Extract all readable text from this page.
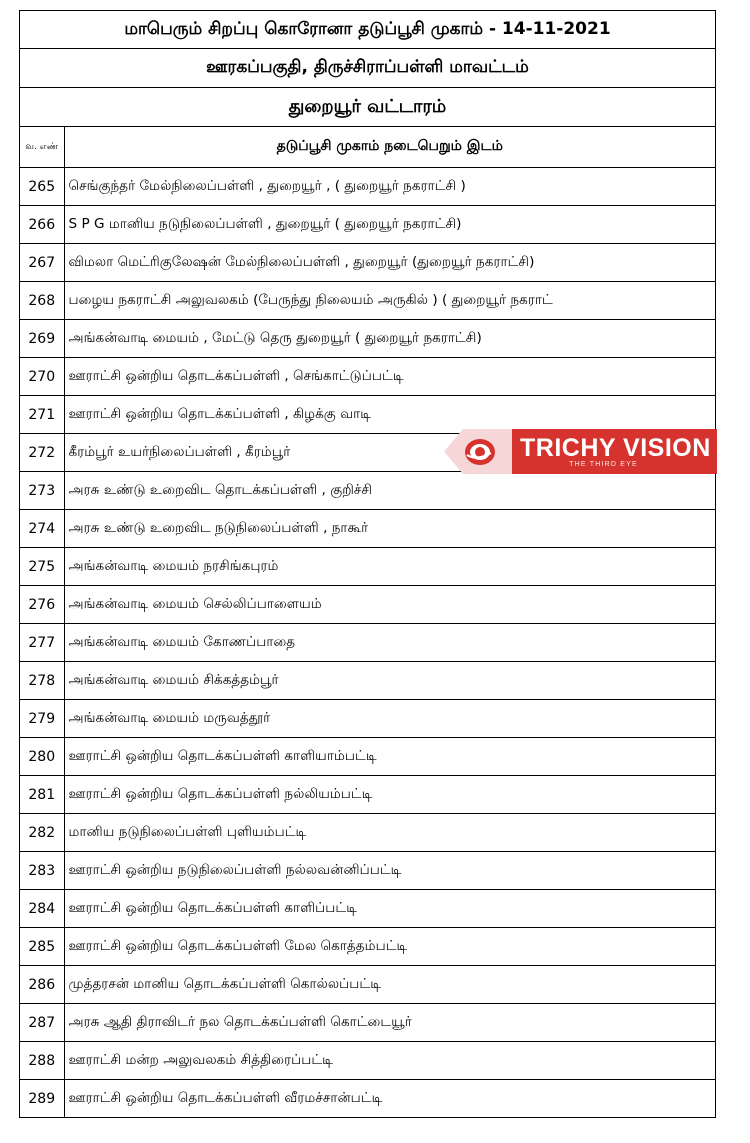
மாபெரும் சிறப்பு கொரோனா தடுப்பூசி முகாம் - 14-11-2021
ஊரகப்பகுதி, திருச்சிராப்பள்ளி மாவட்டம்
துறையூர் வட்டாரம்
வ. எண்	தடுப்பூசி முகாம் நடைபெறும் இடம்
265	செங்குந்தர் மேல்நிலைப்பள்ளி , துறையூர் , ( துறையூர் நகராட்சி )
266	S P G மானிய நடுநிலைப்பள்ளி , துறையூர் ( துறையூர் நகராட்சி)
267	விமலா மெட்ரிகுலேஷன் மேல்நிலைப்பள்ளி , துறையூர் (துறையூர் நகராட்சி)
268	பழைய நகராட்சி அலுவலகம் (பேருந்து நிலையம் அருகில் ) ( துறையூர் நகராட்
269	அங்கன்வாடி மையம் , மேட்டு தெரு துறையூர் ( துறையூர் நகராட்சி)
270	ஊராட்சி ஒன்றிய தொடக்கப்பள்ளி , செங்காட்டுப்பட்டி
271	ஊராட்சி ஒன்றிய தொடக்கப்பள்ளி , கிழக்கு வாடி
272	கீரம்பூர் உயர்நிலைப்பள்ளி , கீரம்பூர்
273	அரசு உண்டு உறைவிட தொடக்கப்பள்ளி , குறிச்சி
274	அரசு உண்டு உறைவிட நடுநிலைப்பள்ளி , நாகூர்
275	அங்கன்வாடி மையம் நரசிங்கபுரம்
276	அங்கன்வாடி மையம் செல்லிப்பாளையம்
277	அங்கன்வாடி மையம் கோணப்பாதை
278	அங்கன்வாடி மையம் சிக்கத்தம்பூர்
279	அங்கன்வாடி மையம் மருவத்தூர்
280	ஊராட்சி ஒன்றிய தொடக்கப்பள்ளி காளியாம்பட்டி
281	ஊராட்சி ஒன்றிய தொடக்கப்பள்ளி நல்லியம்பட்டி
282	மானிய நடுநிலைப்பள்ளி புளியம்பட்டி
283	ஊராட்சி ஒன்றிய நடுநிலைப்பள்ளி நல்லவன்னிப்பட்டி
284	ஊராட்சி ஒன்றிய தொடக்கப்பள்ளி காளிப்பட்டி
285	ஊராட்சி ஒன்றிய தொடக்கப்பள்ளி மேல கொத்தம்பட்டி
286	முத்தரசன் மானிய தொடக்கப்பள்ளி கொல்லப்பட்டி
287	அரசு ஆதி திராவிடர் நல தொடக்கப்பள்ளி கொட்டையூர்
288	ஊராட்சி மன்ற அலுவலகம் சித்திரைப்பட்டி
289	ஊராட்சி ஒன்றிய தொடக்கப்பள்ளி வீரமச்சான்பட்டி
TRICHY VISION
THE THIRD EYE
